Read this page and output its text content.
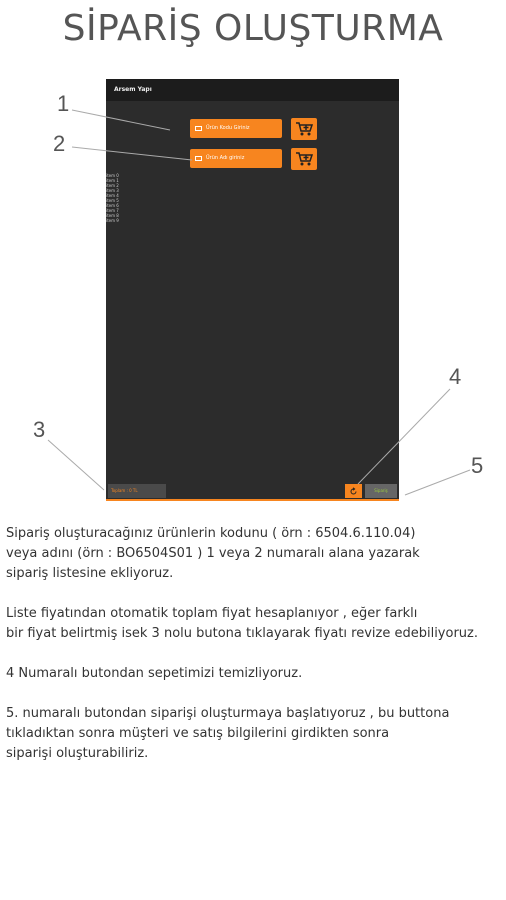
SİPARİŞ OLUŞTURMA
Arsem Yapı
Ürün Kodu Giriniz
Ürün Adı giriniz
item 0
item 1
item 2
item 3
item 4
item 5
item 6
item 7
item 8
item 9
Toplam : 0 TL	Sipariş
1
2
3
4
5

Sipariş oluşturacağınız ürünlerin kodunu ( örn : 6504.6.110.04)
veya adını (örn : BO6504S01 ) 1 veya 2 numaralı alana yazarak
sipariş listesine ekliyoruz.

Liste fiyatından otomatik toplam fiyat hesaplanıyor , eğer farklı
bir fiyat belirtmiş isek 3 nolu butona tıklayarak fiyatı revize edebiliyoruz.

4 Numaralı butondan sepetimizi temizliyoruz.

5. numaralı butondan siparişi oluşturmaya başlatıyoruz , bu buttona
tıkladıktan sonra müşteri ve satış bilgilerini girdikten sonra
siparişi oluşturabiliriz.
